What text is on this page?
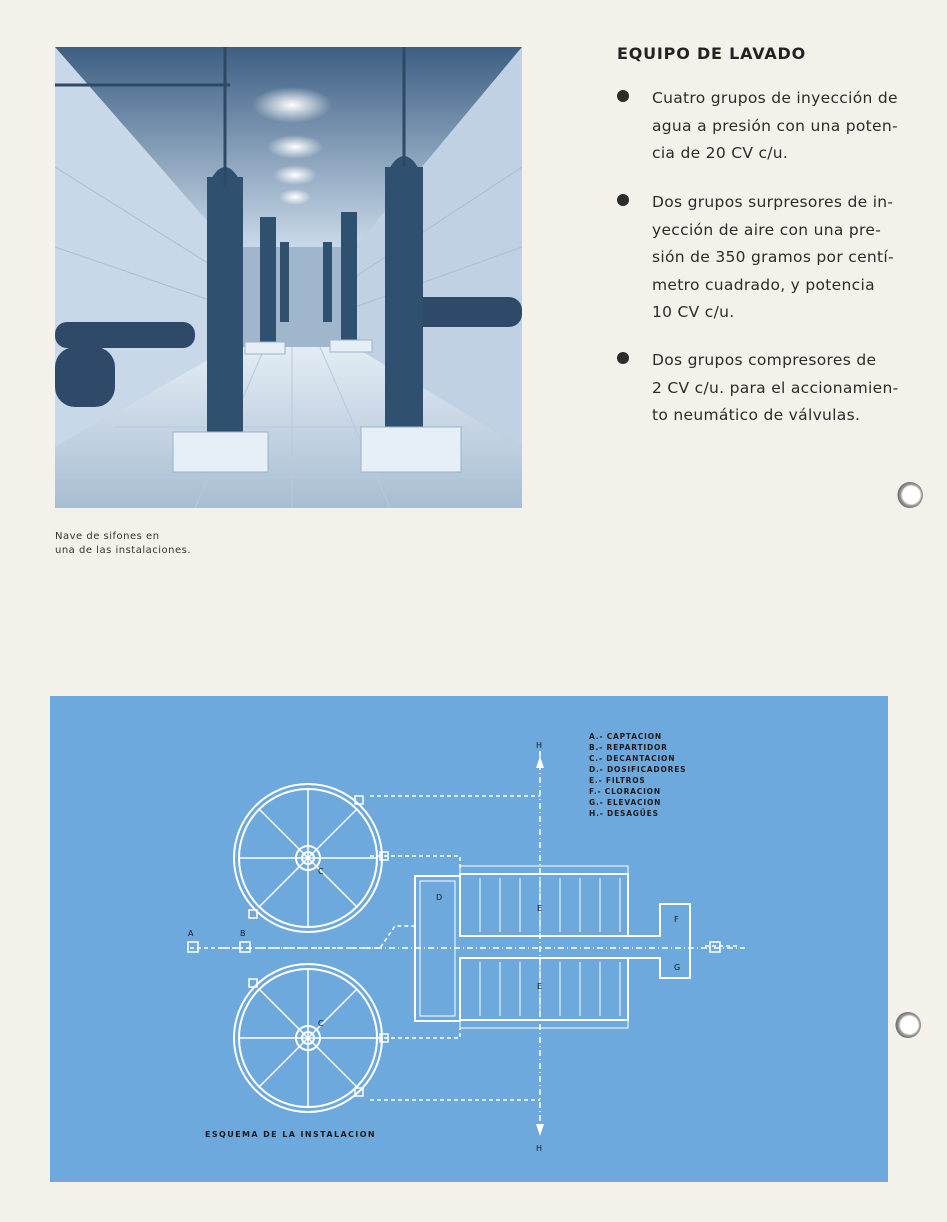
Nave de sifones en
una de las instalaciones.
EQUIPO DE LAVADO
Cuatro grupos de inyección de
agua a presión con una poten-
cia de 20 CV c/u.
Dos grupos surpresores de in-
yección de aire con una pre-
sión de 350 gramos por centí-
metro cuadrado, y potencia
10 CV c/u.
Dos grupos compresores de
2 CV c/u. para el accionamien-
to neumático de válvulas.
A	B
C
C
D
E
E
F
G
H
H
A.- CAPTACION
B.- REPARTIDOR
C.- DECANTACION
D.- DOSIFICADORES
E.- FILTROS
F.- CLORACION
G.- ELEVACION
H.- DESAGÜES
ESQUEMA DE LA INSTALACION
